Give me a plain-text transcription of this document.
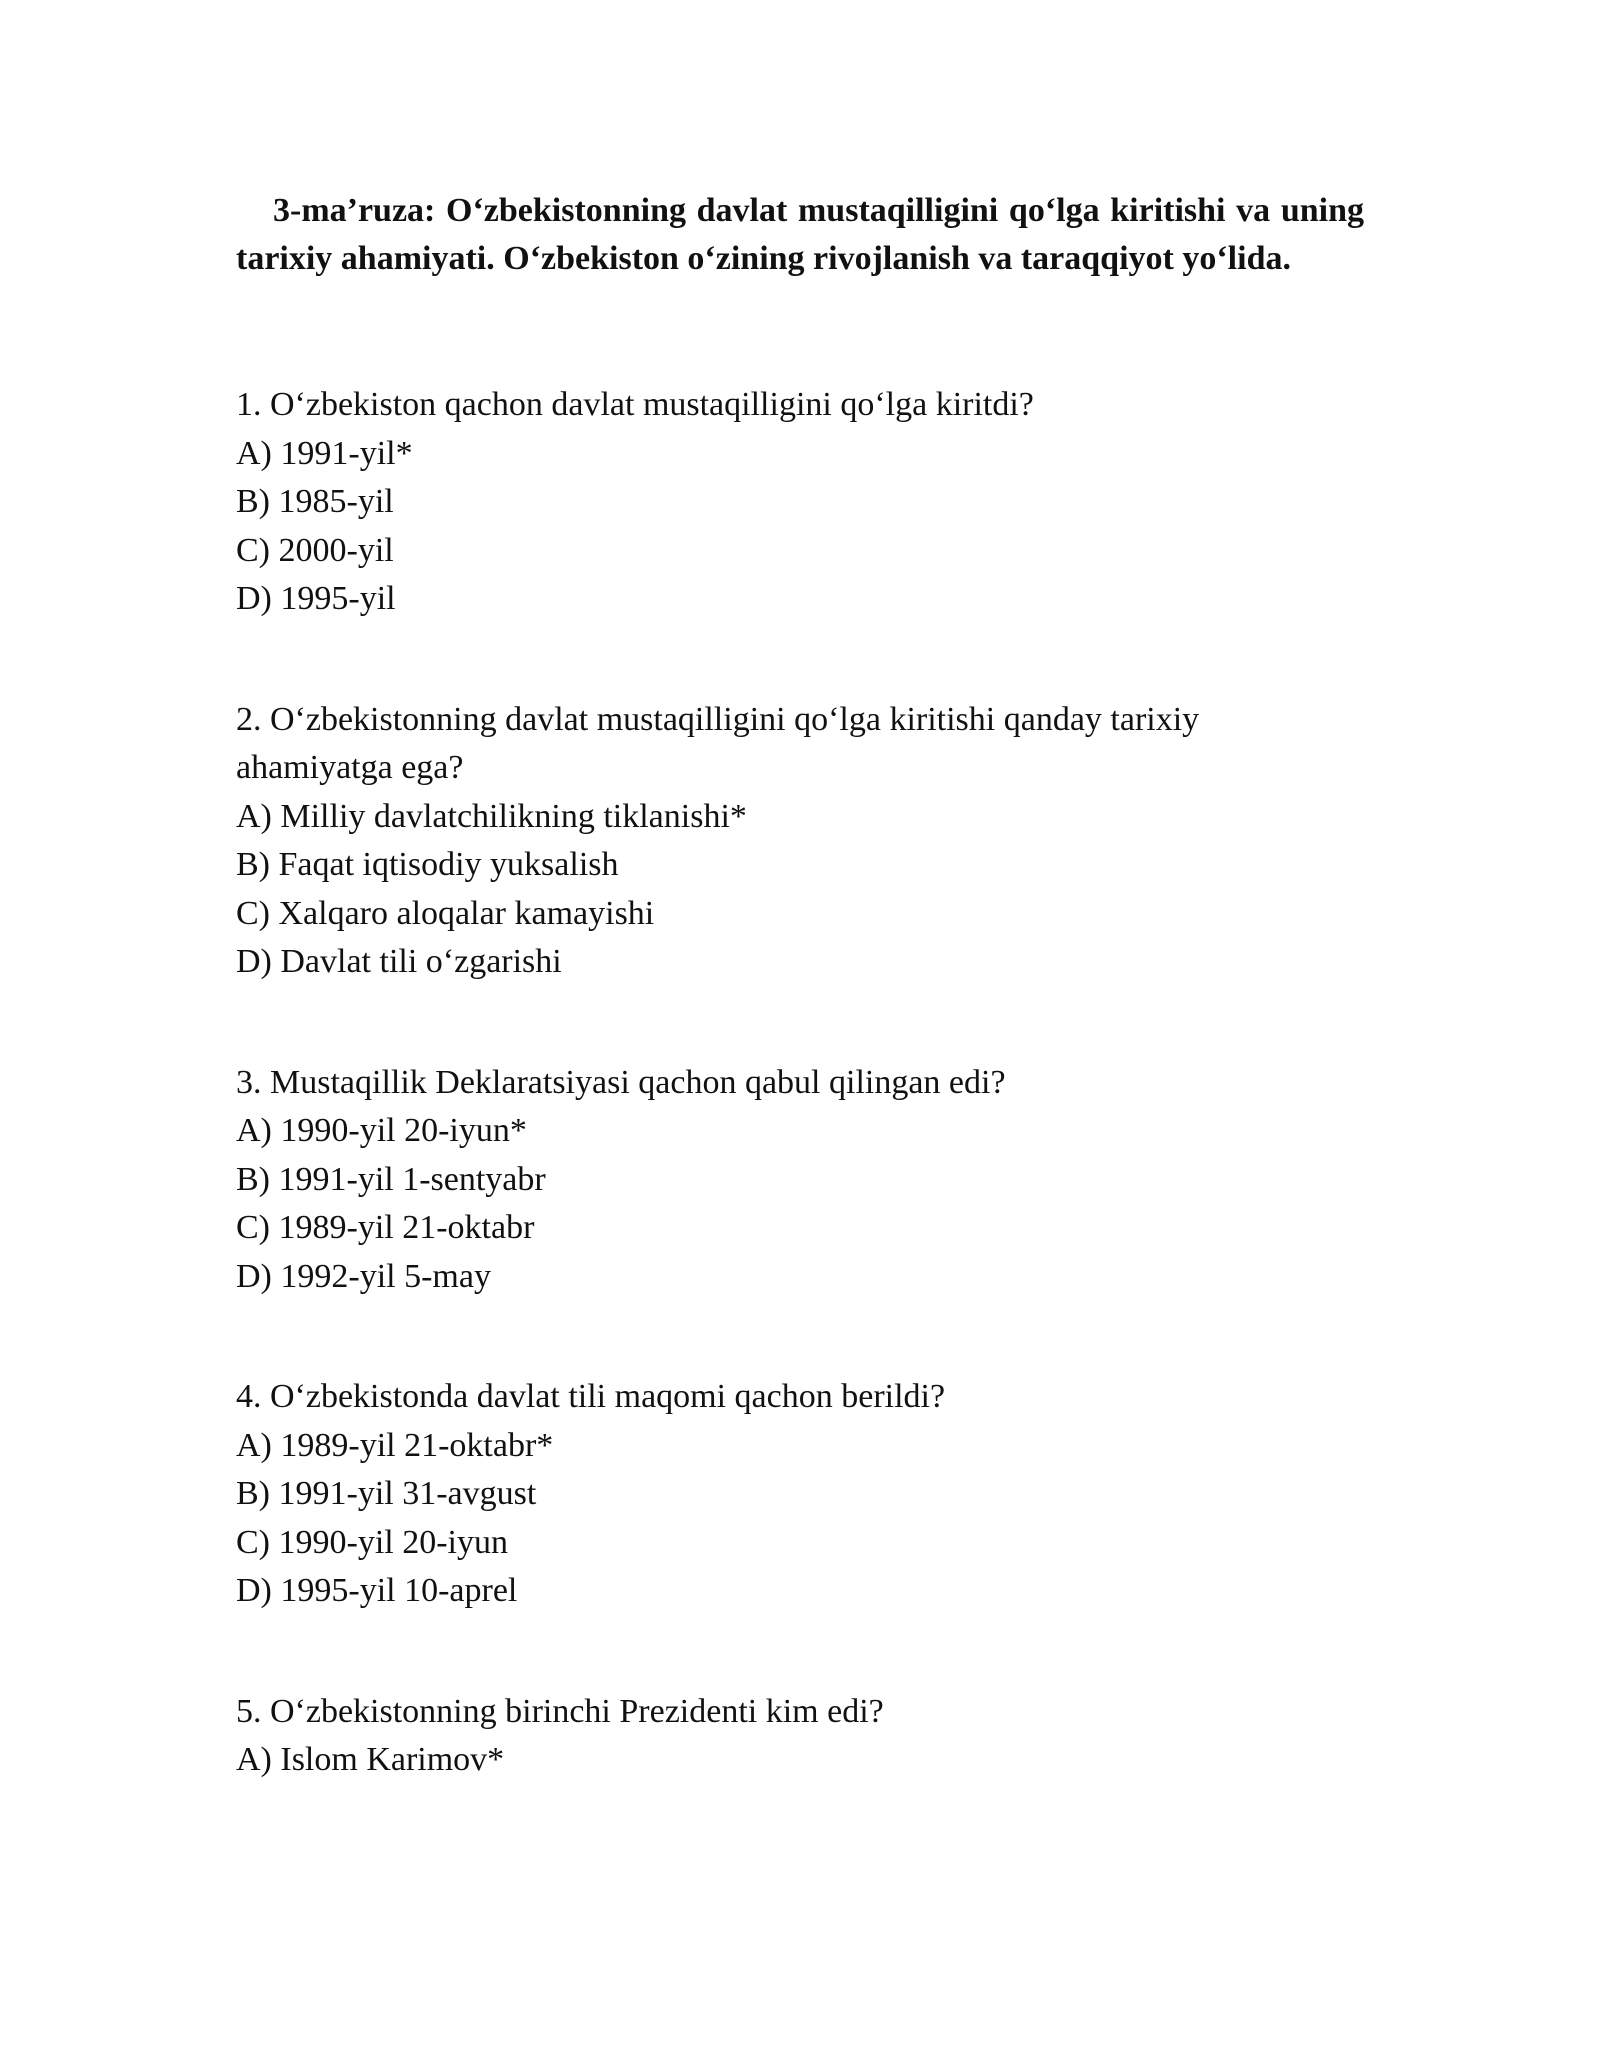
3-ma’ruza: O‘zbekistonning davlat mustaqilligini qo‘lga kiritishi va uning tarixiy ahamiyati. O‘zbekiston o‘zining rivojlanish va taraqqiyot yo‘lida.

1. O‘zbekiston qachon davlat mustaqilligini qo‘lga kiritdi?
A) 1991-yil*
B) 1985-yil
C) 2000-yil
D) 1995-yil
2. O‘zbekistonning davlat mustaqilligini qo‘lga kiritishi qanday tarixiy ahamiyatga ega?
A) Milliy davlatchilikning tiklanishi*
B) Faqat iqtisodiy yuksalish
C) Xalqaro aloqalar kamayishi
D) Davlat tili o‘zgarishi
3. Mustaqillik Deklaratsiyasi qachon qabul qilingan edi?
A) 1990-yil 20-iyun*
B) 1991-yil 1-sentyabr
C) 1989-yil 21-oktabr
D) 1992-yil 5-may
4. O‘zbekistonda davlat tili maqomi qachon berildi?
A) 1989-yil 21-oktabr*
B) 1991-yil 31-avgust
C) 1990-yil 20-iyun
D) 1995-yil 10-aprel
5. O‘zbekistonning birinchi Prezidenti kim edi?
A) Islom Karimov*
